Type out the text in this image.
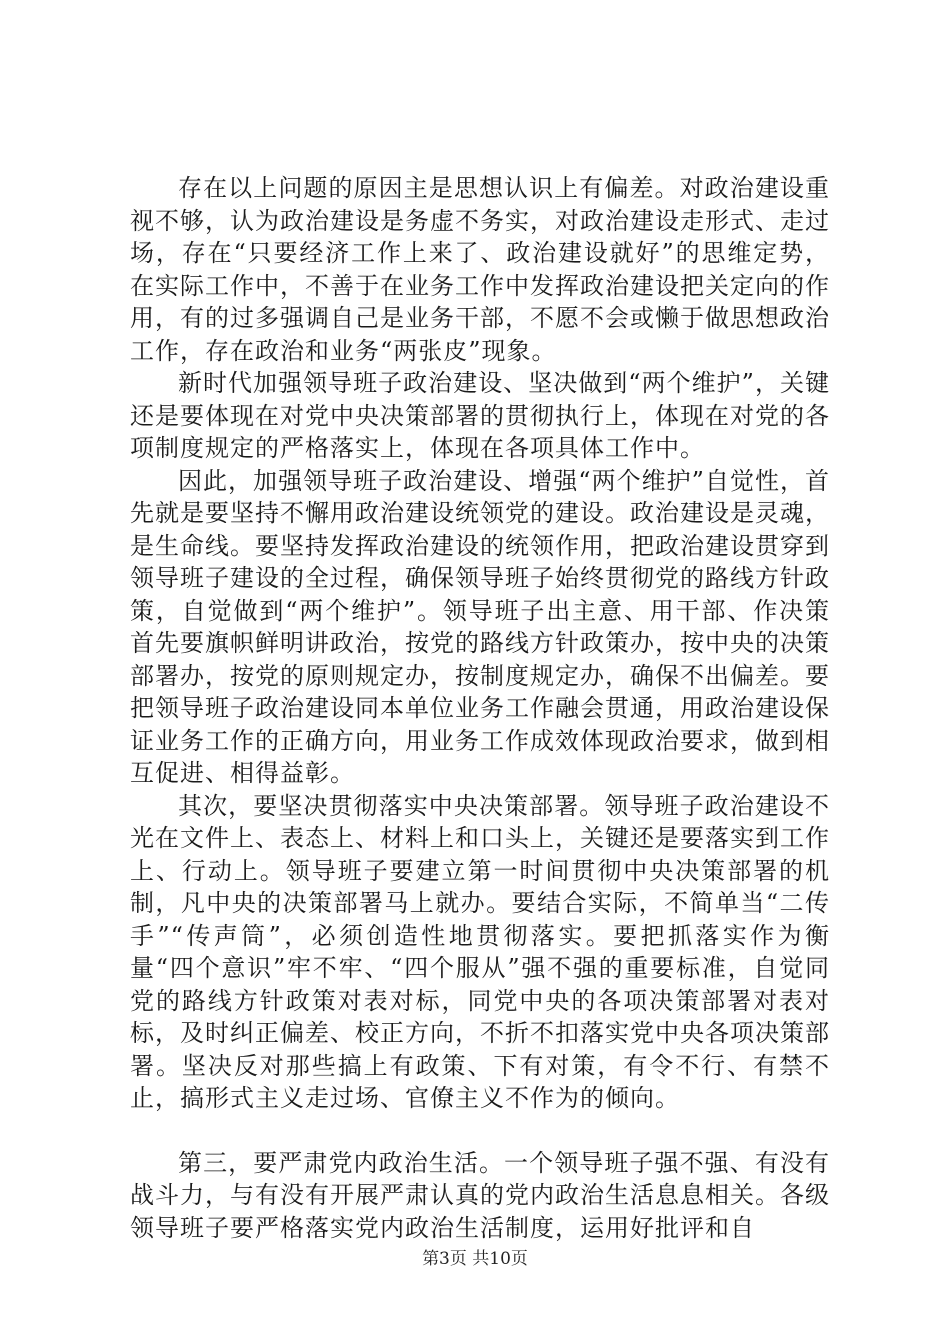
存在以上问题的原因主是思想认识上有偏差。对政治建设重视不够，认为政治建设是务虚不务实，对政治建设走形式、走过场，存在“只要经济工作上来了、政治建设就好”的思维定势，在实际工作中，不善于在业务工作中发挥政治建设把关定向的作用，有的过多强调自己是业务干部，不愿不会或懒于做思想政治工作，存在政治和业务“两张皮”现象。

新时代加强领导班子政治建设、坚决做到“两个维护”，关键还是要体现在对党中央决策部署的贯彻执行上，体现在对党的各项制度规定的严格落实上，体现在各项具体工作中。

因此，加强领导班子政治建设、增强“两个维护”自觉性，首先就是要坚持不懈用政治建设统领党的建设。政治建设是灵魂，是生命线。要坚持发挥政治建设的统领作用，把政治建设贯穿到领导班子建设的全过程，确保领导班子始终贯彻党的路线方针政策，自觉做到“两个维护”。领导班子出主意、用干部、作决策首先要旗帜鲜明讲政治，按党的路线方针政策办，按中央的决策部署办，按党的原则规定办，按制度规定办，确保不出偏差。要把领导班子政治建设同本单位业务工作融会贯通，用政治建设保证业务工作的正确方向，用业务工作成效体现政治要求，做到相互促进、相得益彰。

其次，要坚决贯彻落实中央决策部署。领导班子政治建设不光在文件上、表态上、材料上和口头上，关键还是要落实到工作上、行动上。领导班子要建立第一时间贯彻中央决策部署的机制，凡中央的决策部署马上就办。要结合实际，不简单当“二传手”“传声筒”，必须创造性地贯彻落实。要把抓落实作为衡量“四个意识”牢不牢、“四个服从”强不强的重要标准，自觉同党的路线方针政策对表对标，同党中央的各项决策部署对表对标，及时纠正偏差、校正方向，不折不扣落实党中央各项决策部署。坚决反对那些搞上有政策、下有对策，有令不行、有禁不止，搞形式主义走过场、官僚主义不作为的倾向。

第三，要严肃党内政治生活。一个领导班子强不强、有没有战斗力，与有没有开展严肃认真的党内政治生活息息相关。各级领导班子要严格落实党内政治生活制度，运用好批评和自

第3页 共10页
